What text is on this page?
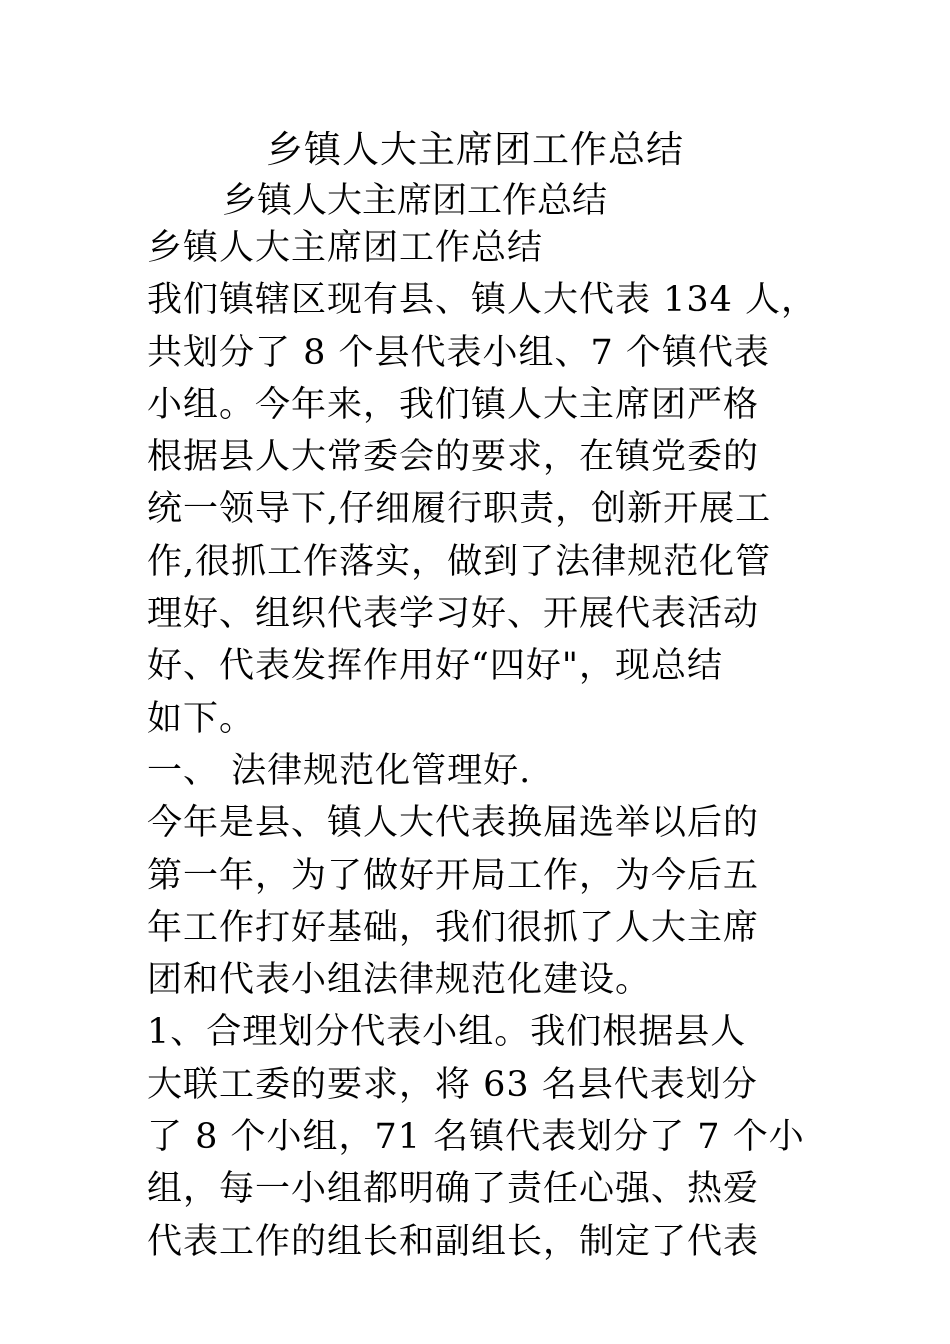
乡镇人大主席团工作总结
乡镇人大主席团工作总结

乡镇人大主席团工作总结

我们镇辖区现有县、镇人大代表 134 人，
共划分了 8 个县代表小组、7 个镇代表
小组。今年来，我们镇人大主席团严格
根据县人大常委会的要求，在镇党委的
统一领导下,仔细履行职责，创新开展工
作,很抓工作落实，做到了法律规范化管
理好、组织代表学习好、开展代表活动
好、代表发挥作用好“四好"，现总结
如下。

一、 法律规范化管理好.

今年是县、镇人大代表换届选举以后的
第一年，为了做好开局工作，为今后五
年工作打好基础，我们很抓了人大主席
团和代表小组法律规范化建设。

1、合理划分代表小组。我们根据县人
大联工委的要求，将 63 名县代表划分
了 8 个小组，71 名镇代表划分了 7 个小
组，每一小组都明确了责任心强、热爱
代表工作的组长和副组长，制定了代表
